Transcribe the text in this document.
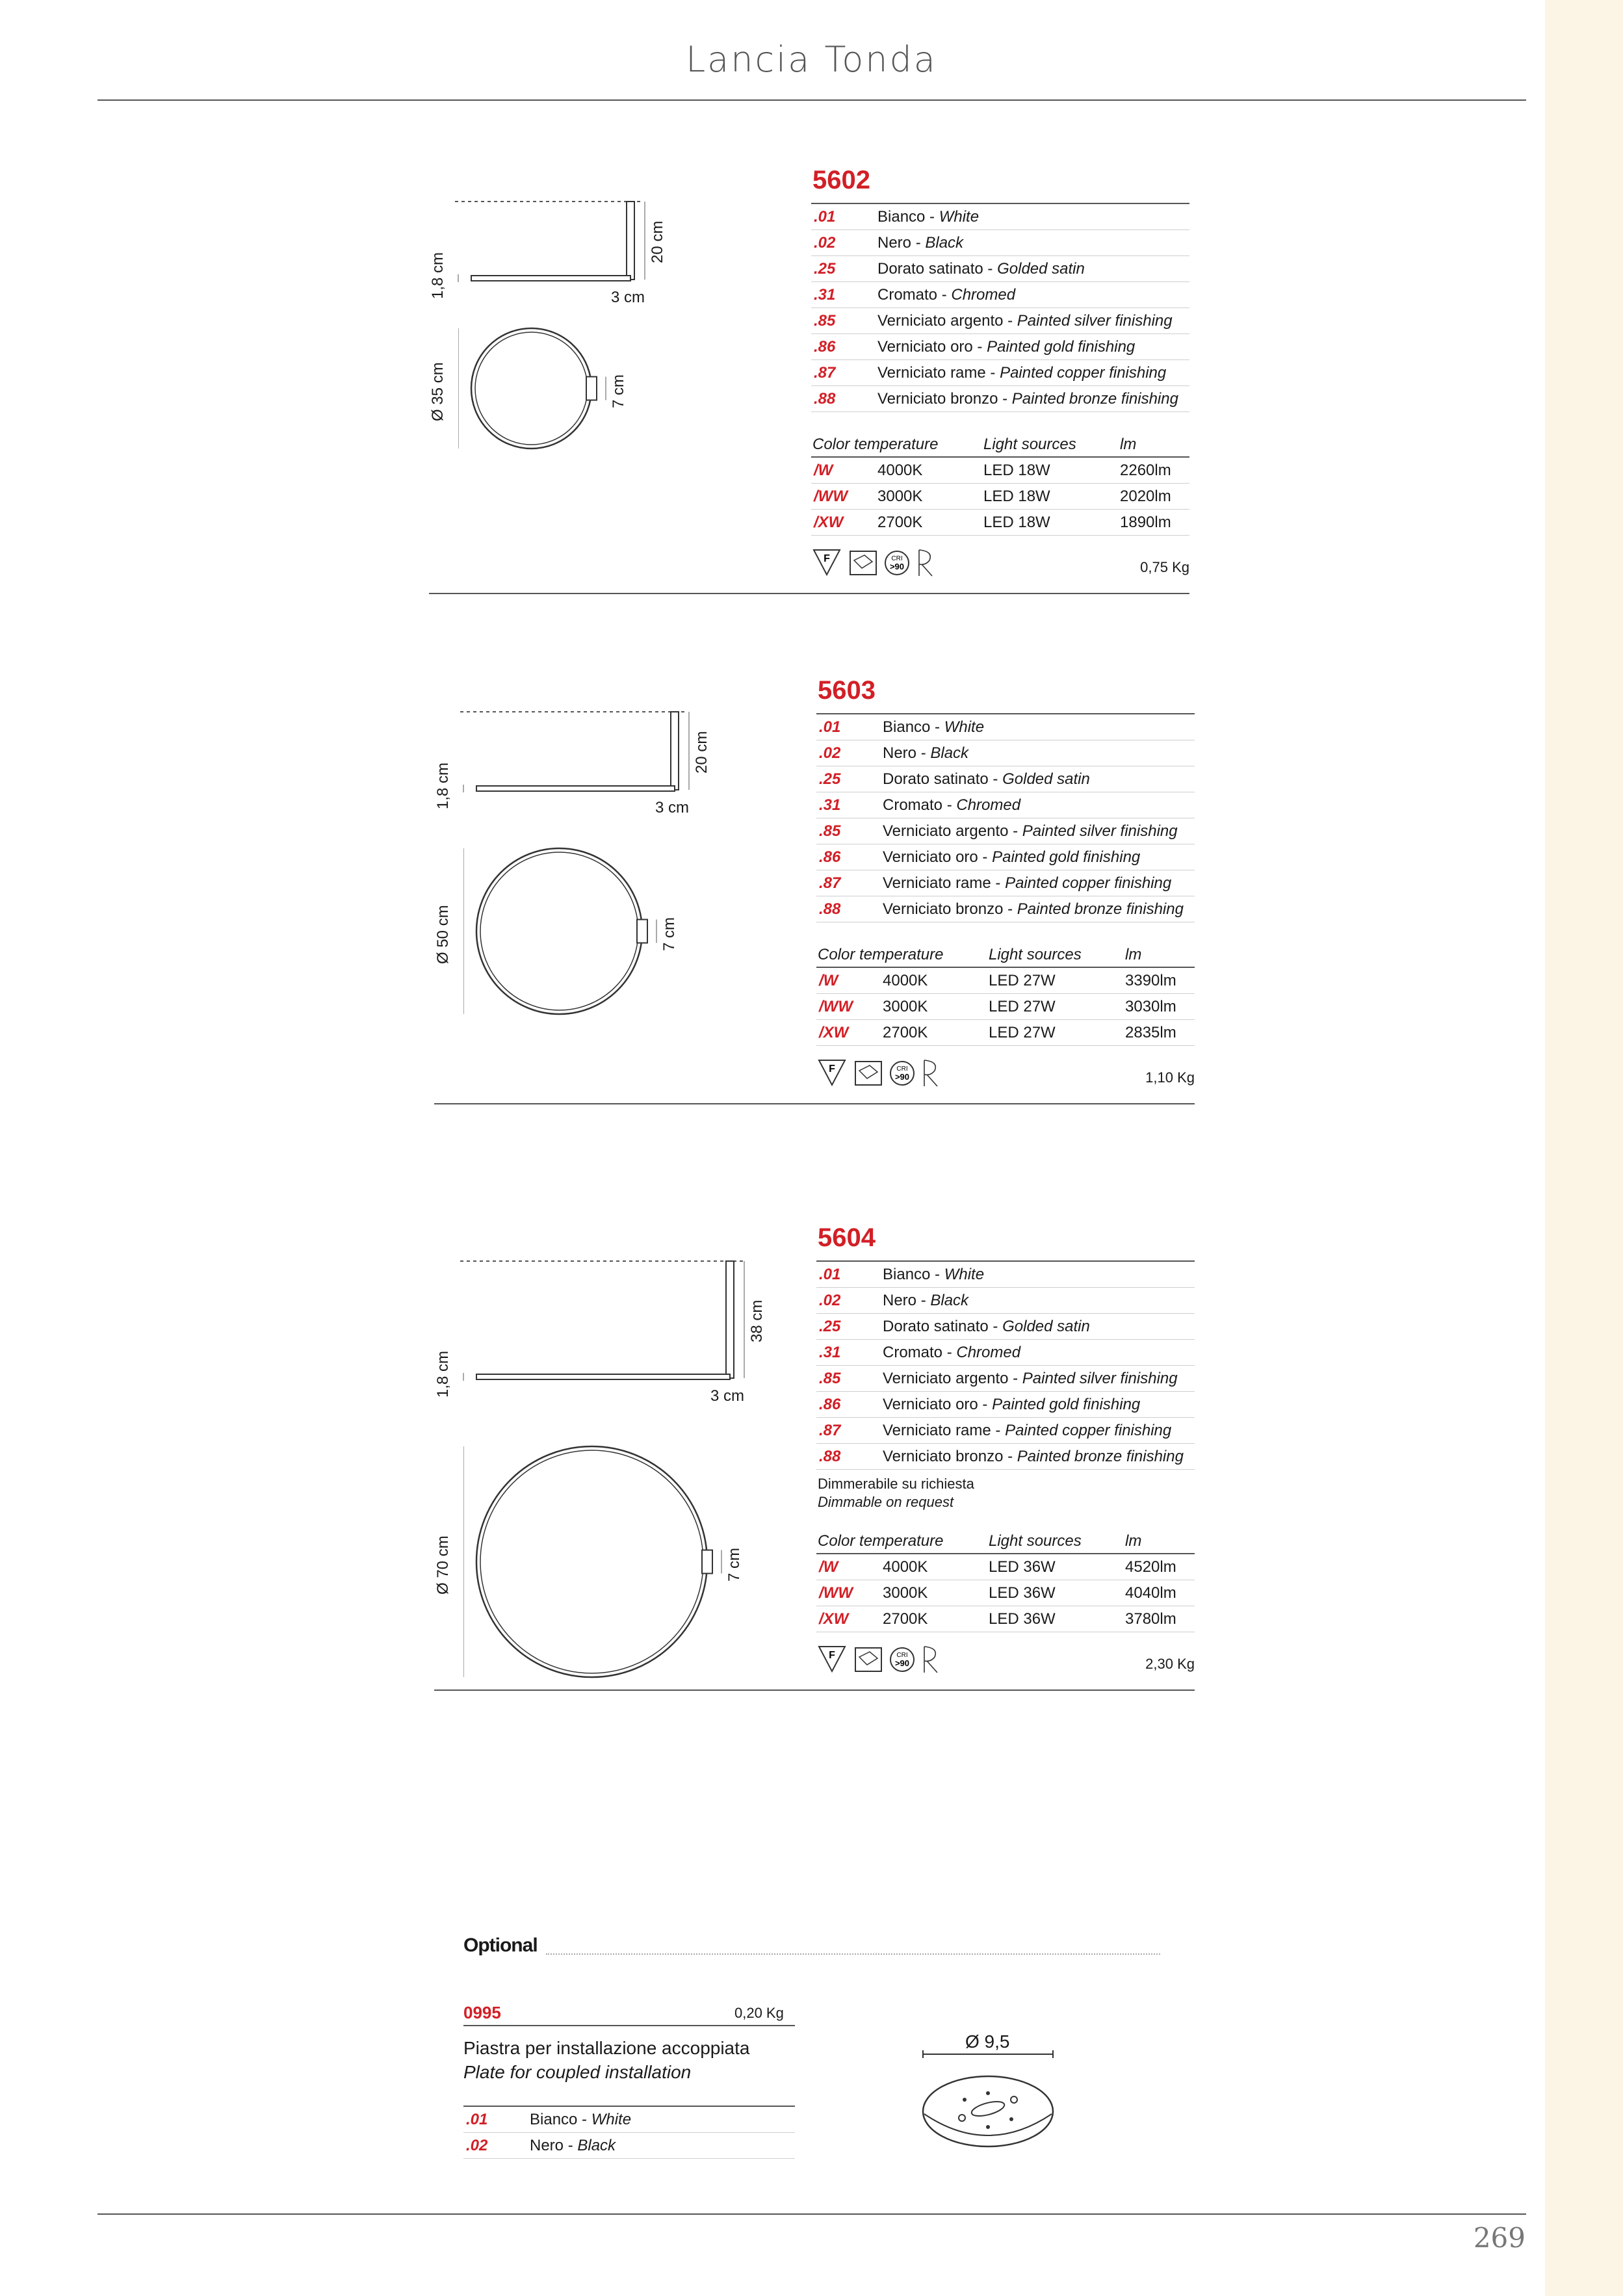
Lancia Tonda
5602
.01	Bianco - White
.02	Nero - Black
.25	Dorato satinato - Golded satin
.31	Cromato - Chromed
.85	Verniciato argento - Painted silver finishing
.86	Verniciato oro - Painted gold finishing
.87	Verniciato rame - Painted copper finishing
.88	Verniciato bronzo - Painted bronze finishing
Color temperature	Light sources	lm
/W	4000K	LED 18W	2260lm
/WW 3000K	LED 18W	2020lm
/XW 2700K	LED 18W	1890lm
F	CRI
>90	0,75 Kg
20 cm
1,8 cm	3 cm
Ø 35 cm	7 cm
5603
.01	Bianco - White
.02	Nero - Black
.25	Dorato satinato - Golded satin
.31	Cromato - Chromed
.85	Verniciato argento - Painted silver finishing
.86	Verniciato oro - Painted gold finishing
.87	Verniciato rame - Painted copper finishing
.88	Verniciato bronzo - Painted bronze finishing
Color temperature	Light sources	lm
/W	4000K	LED 27W	3390lm
/WW 3000K	LED 27W	3030lm
/XW 2700K	LED 27W	2835lm
F	CRI
>90	1,10 Kg
20 cm
1,8 cm	3 cm
Ø 50 cm	7 cm
5604
.01	Bianco - White
.02	Nero - Black
.25	Dorato satinato - Golded satin
.31	Cromato - Chromed
.85	Verniciato argento - Painted silver finishing
.86	Verniciato oro - Painted gold finishing
.87	Verniciato rame - Painted copper finishing
.88	Verniciato bronzo - Painted bronze finishing
Dimmerabile su richiesta
Dimmable on request
Color temperature	Light sources	lm
/W	4000K	LED 36W	4520lm
/WW 3000K	LED 36W	4040lm
/XW 2700K	LED 36W	3780lm
F	CRI
>90	2,30 Kg
38 cm
1,8 cm	3 cm
Ø 70 cm	7 cm
Optional
0995	0,20 Kg
Piastra per installazione accoppiata
Plate for coupled installation
.01	Bianco - White
.02	Nero - Black
Ø 9,5
269
